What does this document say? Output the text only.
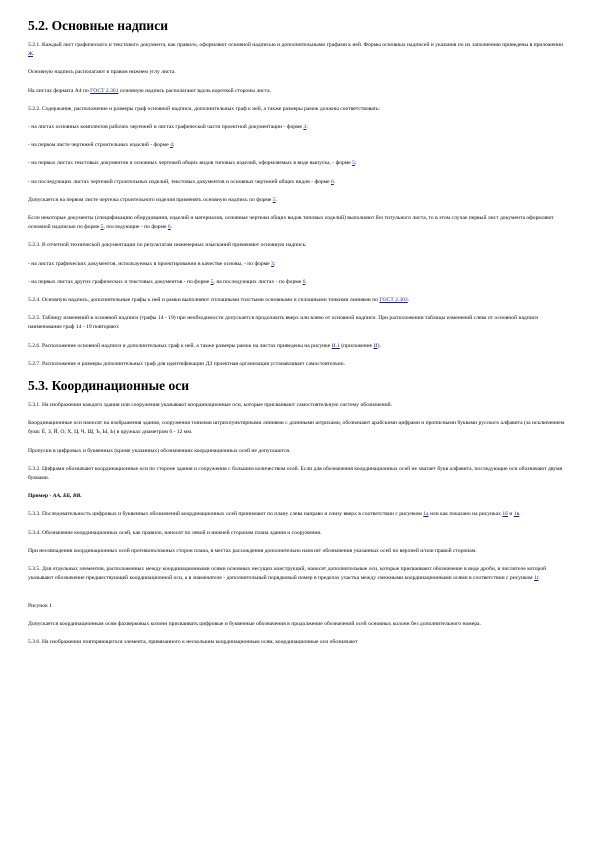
5.2. Основные надписи
5.2.1. Каждый лист графического и текстового документа, как правило, оформляют основной надписью и дополнительными графами к ней. Формы основных надписей и указания по их заполнению приведены в приложении Ж.
Основную надпись располагают в правом нижнем углу листа.
На листах формата А4 по ГОСТ 2.301 основную надпись располагают вдоль короткой стороны листа.
5.2.2. Содержание, расположение и размеры граф основной надписи, дополнительных граф к ней, а также размеры рамок должны соответствовать:
- на листах основных комплектов рабочих чертежей и листах графической части проектной документации - форме 3;
- на первом листе чертежей строительных изделий - форме 4;
- на первых листах текстовых документов и основных чертежей общих видов типовых изделий, оформляемых в виде выпуска, - форме 5;
- на последующих листах чертежей строительных изделий, текстовых документов и основных чертежей общих видов - форме 6.
Допускается на первом листе чертежа строительного изделия применять основную надпись по форме 5.
Если некоторые документы (спецификацию оборудования, изделий и материалов, основные чертежи общих видов типовых изделий) выполняют без титульного листа, то в этом случае первый лист документа оформляют основной надписью по форме 5, последующие - по форме 6.
5.2.3. В отчетной технической документации по результатам инженерных изысканий применяют основную надпись:
- на листах графических документов, используемых в проектировании в качестве основы, - по форме 3;
- на первых листах других графических и текстовых документов - по форме 5, на последующих листах - по форме 6.
5.2.4. Основную надпись, дополнительные графы к ней и рамки выполняют сплошными толстыми основными и сплошными тонкими линиями по ГОСТ 2.303.
5.2.5. Таблицу изменений в основной надписи (графы 14 - 19) при необходимости допускается продолжить вверх или влево от основной надписи. При расположении таблицы изменений слева от основной надписи наименование граф 14 - 19 повторяют.
5.2.6. Расположение основной надписи и дополнительных граф к ней, а также размеры рамок на листах приведены на рисунке И.1 (приложение И).
5.2.7. Расположение и размеры дополнительных граф для идентификации ДЗ проектная организация устанавливает самостоятельно.
5.3. Координационные оси
5.3.1. На изображении каждого здания или сооружения указывают координационные оси, которые присваивают самостоятельную систему обозначений.
Координационные оси наносят на изображения здания, сооружения тонкими штрихпунктирными линиями с длинными штрихами, обозначают арабскими цифрами и прописными буквами русского алфавита (за исключением букв: Ё, З, Й, О, Х, Ц, Ч, Щ, Ъ, Ы, Ь) в кружках диаметром 6 - 12 мм.
Пропуски в цифровых и буквенных (кроме указанных) обозначениях координационных осей не допускаются.
5.3.2. Цифрами обозначают координационные оси по стороне здания и сооружения с большим количеством осей. Если для обозначения координационных осей не хватает букв алфавита, последующие оси обозначают двумя буквами.
Пример - АА, ББ, ВВ.
5.3.3. Последовательность цифровых и буквенных обозначений координационных осей принимают по плану слева направо и снизу вверх в соответствии с рисунком 1а или как показано на рисунках 1б и 1в.
5.3.4. Обозначение координационных осей, как правило, наносят по левой и нижней сторонам плана здания и сооружения.
При несовпадении координационных осей противоположных сторон плана, в местах расхождения дополнительно наносят обозначения указанных осей по верхней и/или правой сторонам.
5.3.5. Для отдельных элементов, расположенных между координационными осями основных несущих конструкций, наносят дополнительные оси, которые присваивают обозначение в виде дроби, в числителе которой указывают обозначение предшествующей координационной оси, а в знаменателе - дополнительный порядковый номер в пределах участка между смежными координационными осями в соответствии с рисунком 1г.
Рисунок 1
Допускается координационным осям фахверковых колонн присваивать цифровые и буквенные обозначения в продолжение обозначений осей основных колонн без дополнительного номера.
5.3.6. На изображении повторяющегося элемента, привязанного к нескольким координационным осям, координационные оси обозначают
